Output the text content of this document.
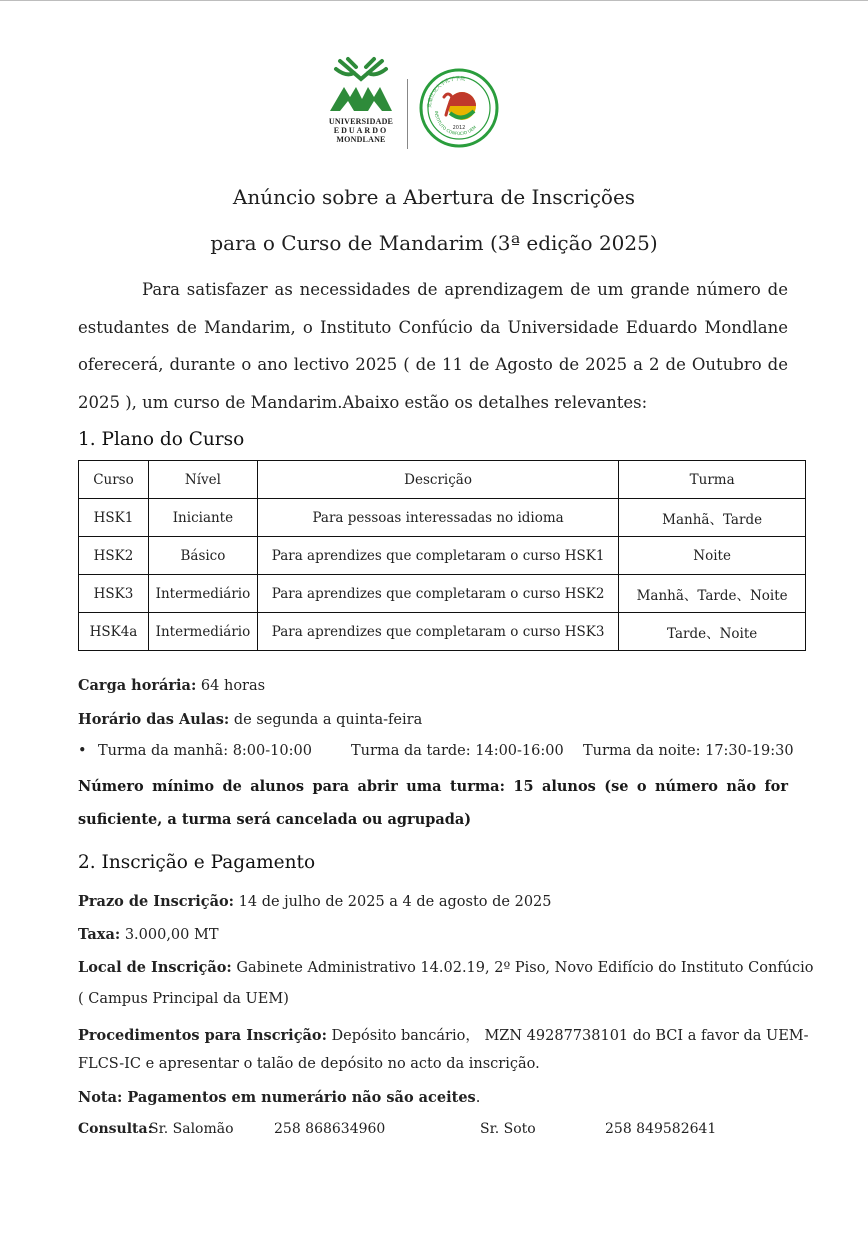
UNIVERSIDADE
EDUARDO
MONDLANE
莫桑比克大学孔子学院
INSTITUTO CONFÚCIO UEM
2012
Anúncio sobre a Abertura de Inscrições
para o Curso de Mandarim (3ª edição 2025)

Para satisfazer as necessidades de aprendizagem de um grande número de estudantes de Mandarim, o Instituto Confúcio da Universidade Eduardo Mondlane oferecerá, durante o ano lectivo 2025 ( de 11 de Agosto de 2025 a 2 de Outubro de 2025 ), um curso de Mandarim.Abaixo estão os detalhes relevantes:

1. Plano do Curso
Curso	Nível	Descrição	Turma
HSK1	Iniciante	Para pessoas interessadas no idioma	Manhã、Tarde
HSK2	Básico	Para aprendizes que completaram o curso HSK1	Noite
HSK3	Intermediário	Para aprendizes que completaram o curso HSK2	Manhã、Tarde、Noite
HSK4a	Intermediário	Para aprendizes que completaram o curso HSK3	Tarde、Noite

Carga horária: 64 horas

Horário das Aulas: de segunda a quinta-feira

• Turma da manhã: 8:00-10:00	Turma da tarde: 14:00-16:00 Turma da noite: 17:30-19:30

Número mínimo de alunos para abrir uma turma: 15 alunos (se o número não for suficiente, a turma será cancelada ou agrupada)

2. Inscrição e Pagamento

Prazo de Inscrição: 14 de julho de 2025 a 4 de agosto de 2025

Taxa: 3.000,00 MT

Local de Inscrição: Gabinete Administrativo 14.02.19, 2º Piso, Novo Edifício do Instituto Confúcio

( Campus Principal da UEM)

Procedimentos para Inscrição: Depósito bancário， MZN 49287738101 do BCI a favor da UEM-

FLCS-IC e apresentar o talão de depósito no acto da inscrição.

Nota: Pagamentos em numerário não são aceites.

Consulta:
Sr. Salomão	258 868634960	Sr. Soto	258 849582641
